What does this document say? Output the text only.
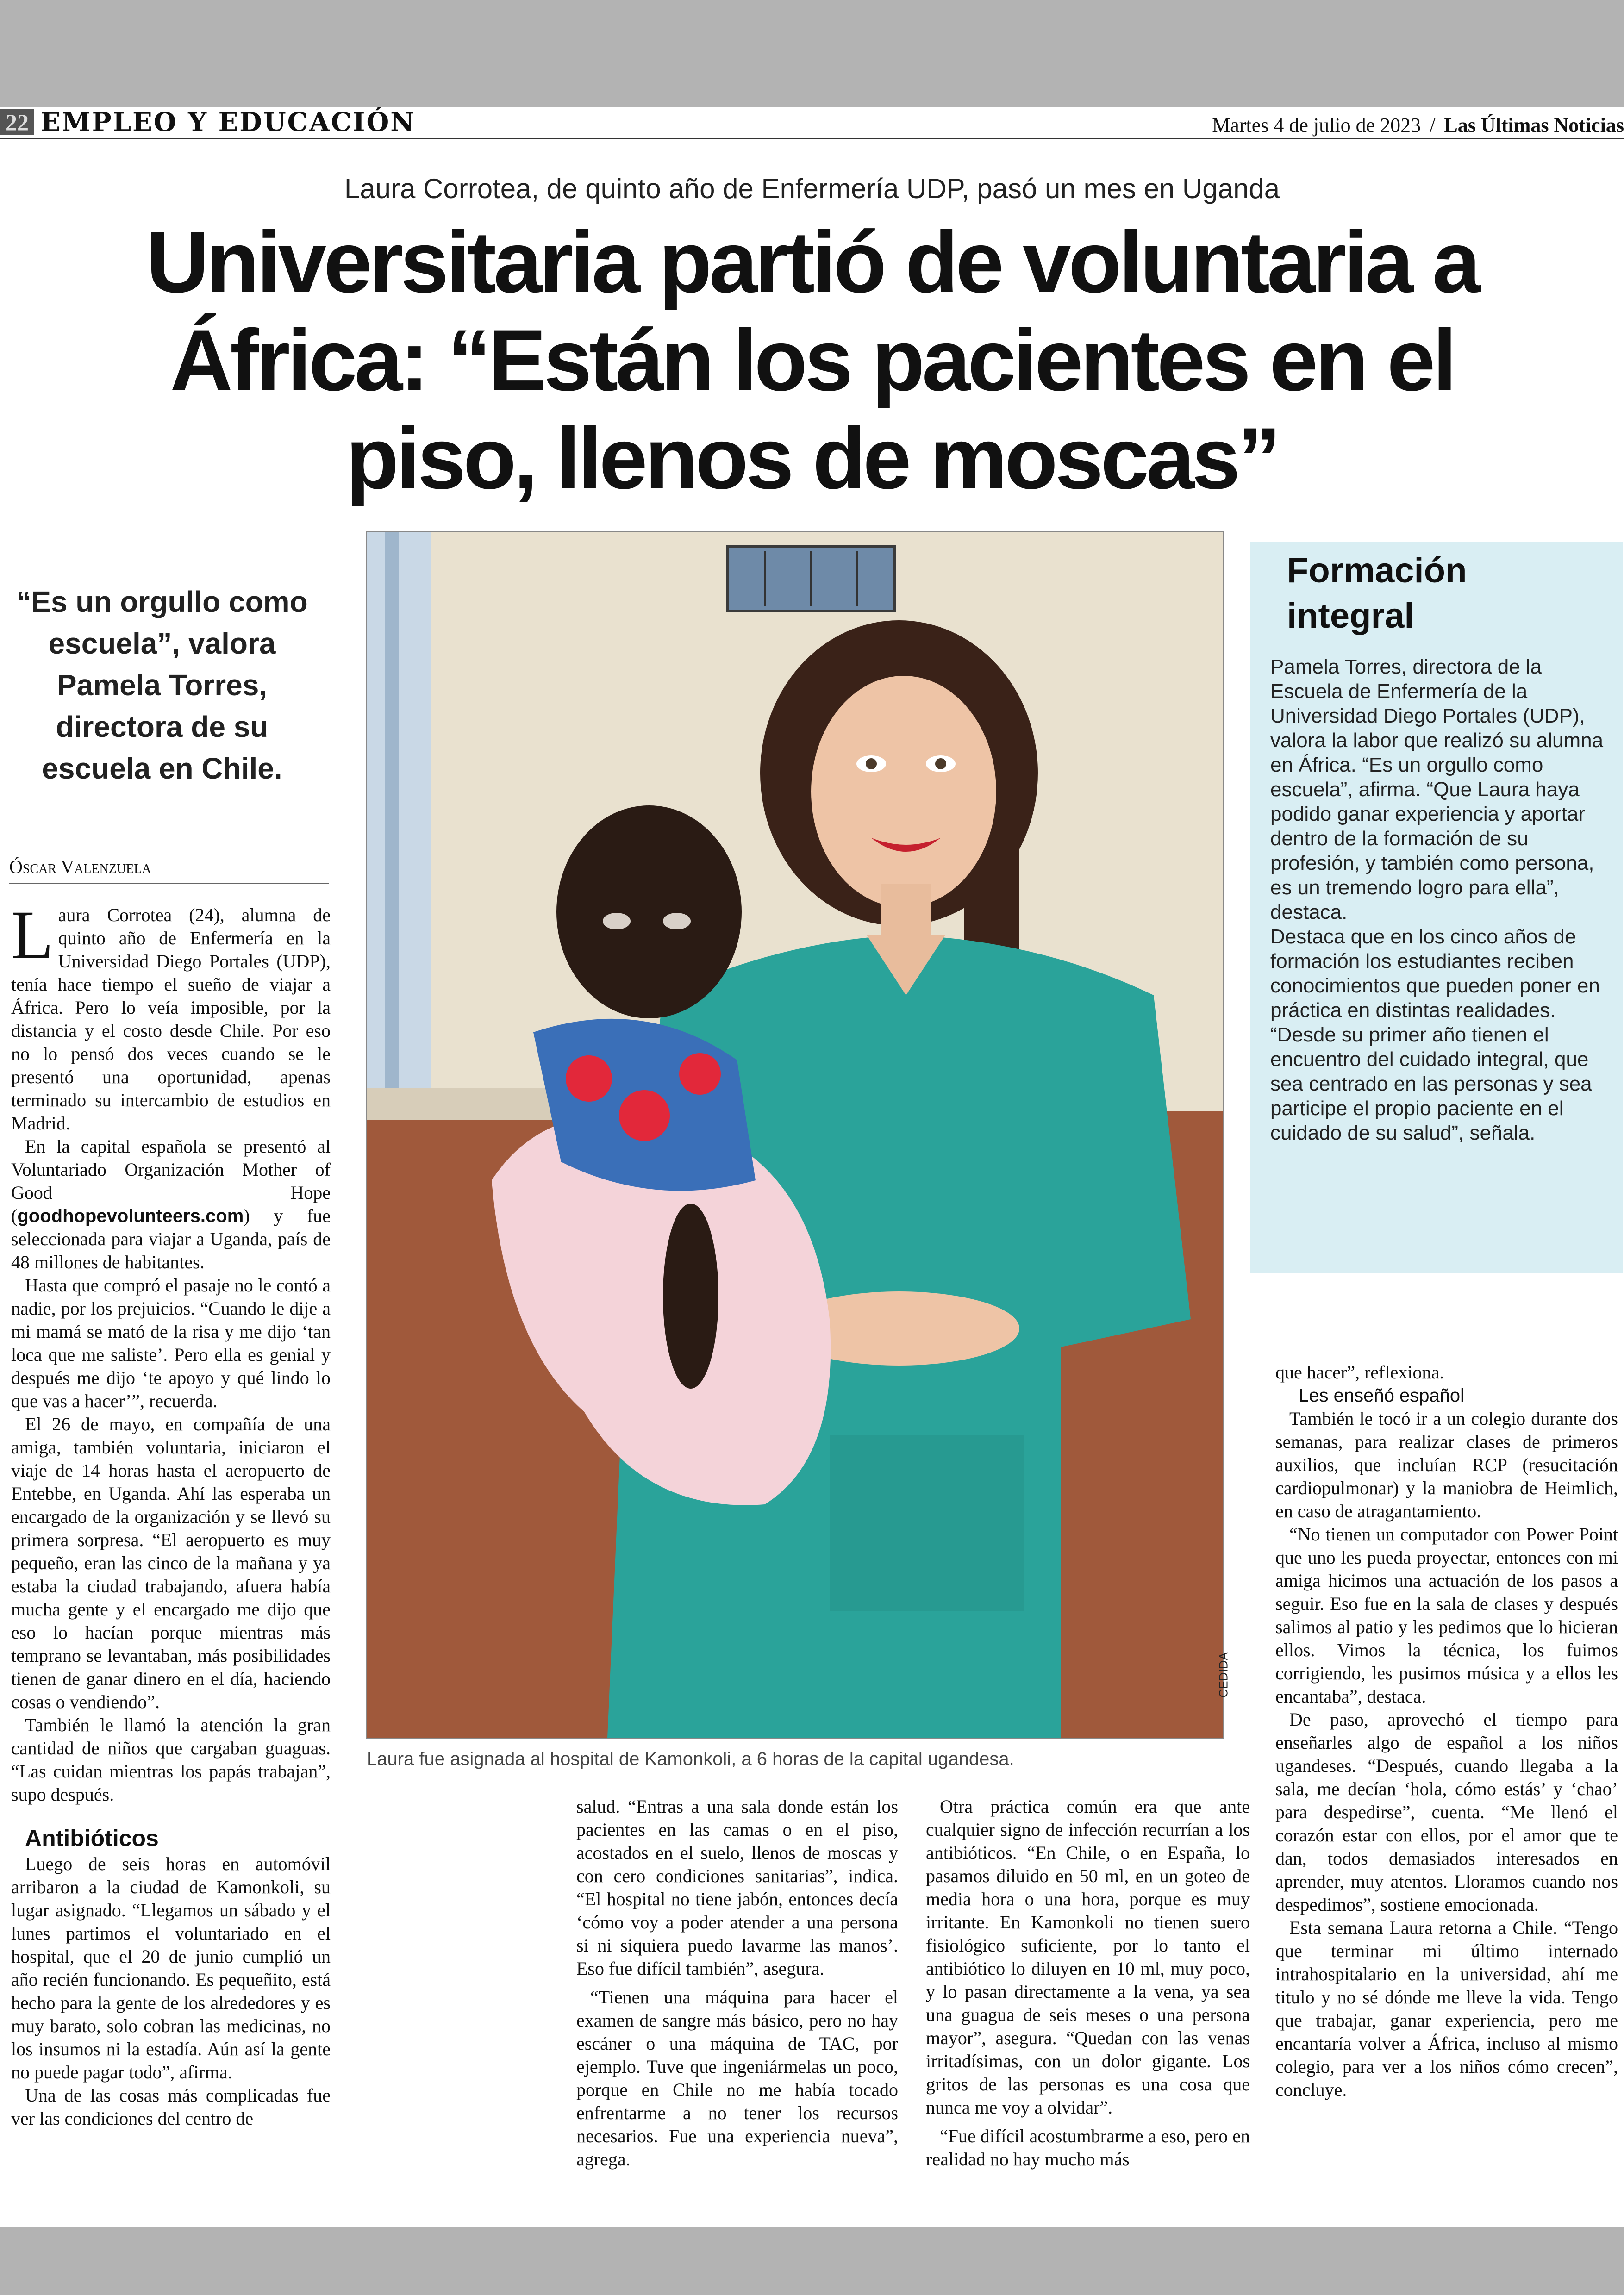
22 EMPLEO Y EDUCACIÓN	Martes 4 de julio de 2023 / Las Últimas Noticias
Laura Corrotea, de quinto año de Enfermería UDP, pasó un mes en Uganda
Universitaria partió de voluntaria a
África: “Están los pacientes en el
piso, llenos de moscas”
“Es un orgullo como escuela”, valora Pamela Torres, directora de su escuela en Chile.
Óscar Valenzuela

Laura Corrotea (24), alumna de quinto año de Enfermería en la Universidad Diego Portales (UDP), tenía hace tiempo el sueño de viajar a África. Pero lo veía imposible, por la distancia y el costo desde Chile. Por eso no lo pensó dos veces cuando se le presentó una oportunidad, apenas terminado su intercambio de estudios en Madrid.

En la capital española se presentó al Voluntariado Organización Mother of Good Hope (goodhopevolunteers.com) y fue seleccionada para viajar a Uganda, país de 48 millones de habitantes.

Hasta que compró el pasaje no le contó a nadie, por los prejuicios. “Cuando le dije a mi mamá se mató de la risa y me dijo ‘tan loca que me saliste’. Pero ella es genial y después me dijo ‘te apoyo y qué lindo lo que vas a hacer’”, recuerda.

El 26 de mayo, en compañía de una amiga, también voluntaria, iniciaron el viaje de 14 horas hasta el aeropuerto de Entebbe, en Uganda. Ahí las esperaba un encargado de la organización y se llevó su primera sorpresa. “El aeropuerto es muy pequeño, eran las cinco de la mañana y ya estaba la ciudad trabajando, afuera había mucha gente y el encargado me dijo que eso lo hacían porque mientras más temprano se levantaban, más posibilidades tienen de ganar dinero en el día, haciendo cosas o vendiendo”.

También le llamó la atención la gran cantidad de niños que cargaban guaguas. “Las cuidan mientras los papás trabajan”, supo después.

Antibióticos

Luego de seis horas en automóvil arribaron a la ciudad de Kamonkoli, su lugar asignado. “Llegamos un sábado y el lunes partimos el voluntariado en el hospital, que el 20 de junio cumplió un año recién funcionando. Es pequeñito, está hecho para la gente de los alrededores y es muy barato, solo cobran las medicinas, no los insumos ni la estadía. Aún así la gente no puede pagar todo”, afirma.

Una de las cosas más complicadas fue ver las condiciones del centro de

CEDIDA
Laura fue asignada al hospital de Kamonkoli, a 6 horas de la capital ugandesa.
Formación
integral
Pamela Torres, directora de la Escuela de Enfermería de la Universidad Diego Portales (UDP), valora la labor que realizó su alumna en África. “Es un orgullo como escuela”, afirma. “Que Laura haya podido ganar experiencia y aportar dentro de la formación de su profesión, y también como persona, es un tremendo logro para ella”, destaca.
Destaca que en los cinco años de formación los estudiantes reciben conocimientos que pueden poner en práctica en distintas realidades. “Desde su primer año tienen el encuentro del cuidado integral, que sea centrado en las personas y sea participe el propio paciente en el cuidado de su salud”, señala.

salud. “Entras a una sala donde están los pacientes en las camas o en el piso, acostados en el suelo, llenos de moscas y con cero condiciones sanitarias”, indica. “El hospital no tiene jabón, entonces decía ‘cómo voy a poder atender a una persona si ni siquiera puedo lavarme las manos’. Eso fue difícil también”, asegura.

“Tienen una máquina para hacer el examen de sangre más básico, pero no hay escáner o una máquina de TAC, por ejemplo. Tuve que ingeniármelas un poco, porque en Chile no me había tocado enfrentarme a no tener los recursos necesarios. Fue una experiencia nueva”, agrega.

Otra práctica común era que ante cualquier signo de infección recurrían a los antibióticos. “En Chile, o en España, lo pasamos diluido en 50 ml, en un goteo de media hora o una hora, porque es muy irritante. En Kamonkoli no tienen suero fisiológico suficiente, por lo tanto el antibiótico lo diluyen en 10 ml, muy poco, y lo pasan directamente a la vena, ya sea una guagua de seis meses o una persona mayor”, asegura. “Quedan con las venas irritadísimas, con un dolor gigante. Los gritos de las personas es una cosa que nunca me voy a olvidar”.

“Fue difícil acostumbrarme a eso, pero en realidad no hay mucho más

que hacer”, reflexiona.

Les enseñó español

También le tocó ir a un colegio durante dos semanas, para realizar clases de primeros auxilios, que incluían RCP (resucitación cardiopulmonar) y la maniobra de Heimlich, en caso de atragantamiento.

“No tienen un computador con Power Point que uno les pueda proyectar, entonces con mi amiga hicimos una actuación de los pasos a seguir. Eso fue en la sala de clases y después salimos al patio y les pedimos que lo hicieran ellos. Vimos la técnica, los fuimos corrigiendo, les pusimos música y a ellos les encantaba”, destaca.

De paso, aprovechó el tiempo para enseñarles algo de español a los niños ugandeses. “Después, cuando llegaba a la sala, me decían ‘hola, cómo estás’ y ‘chao’ para despedirse”, cuenta. “Me llenó el corazón estar con ellos, por el amor que te dan, todos demasiados interesados en aprender, muy atentos. Lloramos cuando nos despedimos”, sostiene emocionada.

Esta semana Laura retorna a Chile. “Tengo que terminar mi último internado intrahospitalario en la universidad, ahí me titulo y no sé dónde me lleve la vida. Tengo que trabajar, ganar experiencia, pero me encantaría volver a África, incluso al mismo colegio, para ver a los niños cómo crecen”, concluye.
